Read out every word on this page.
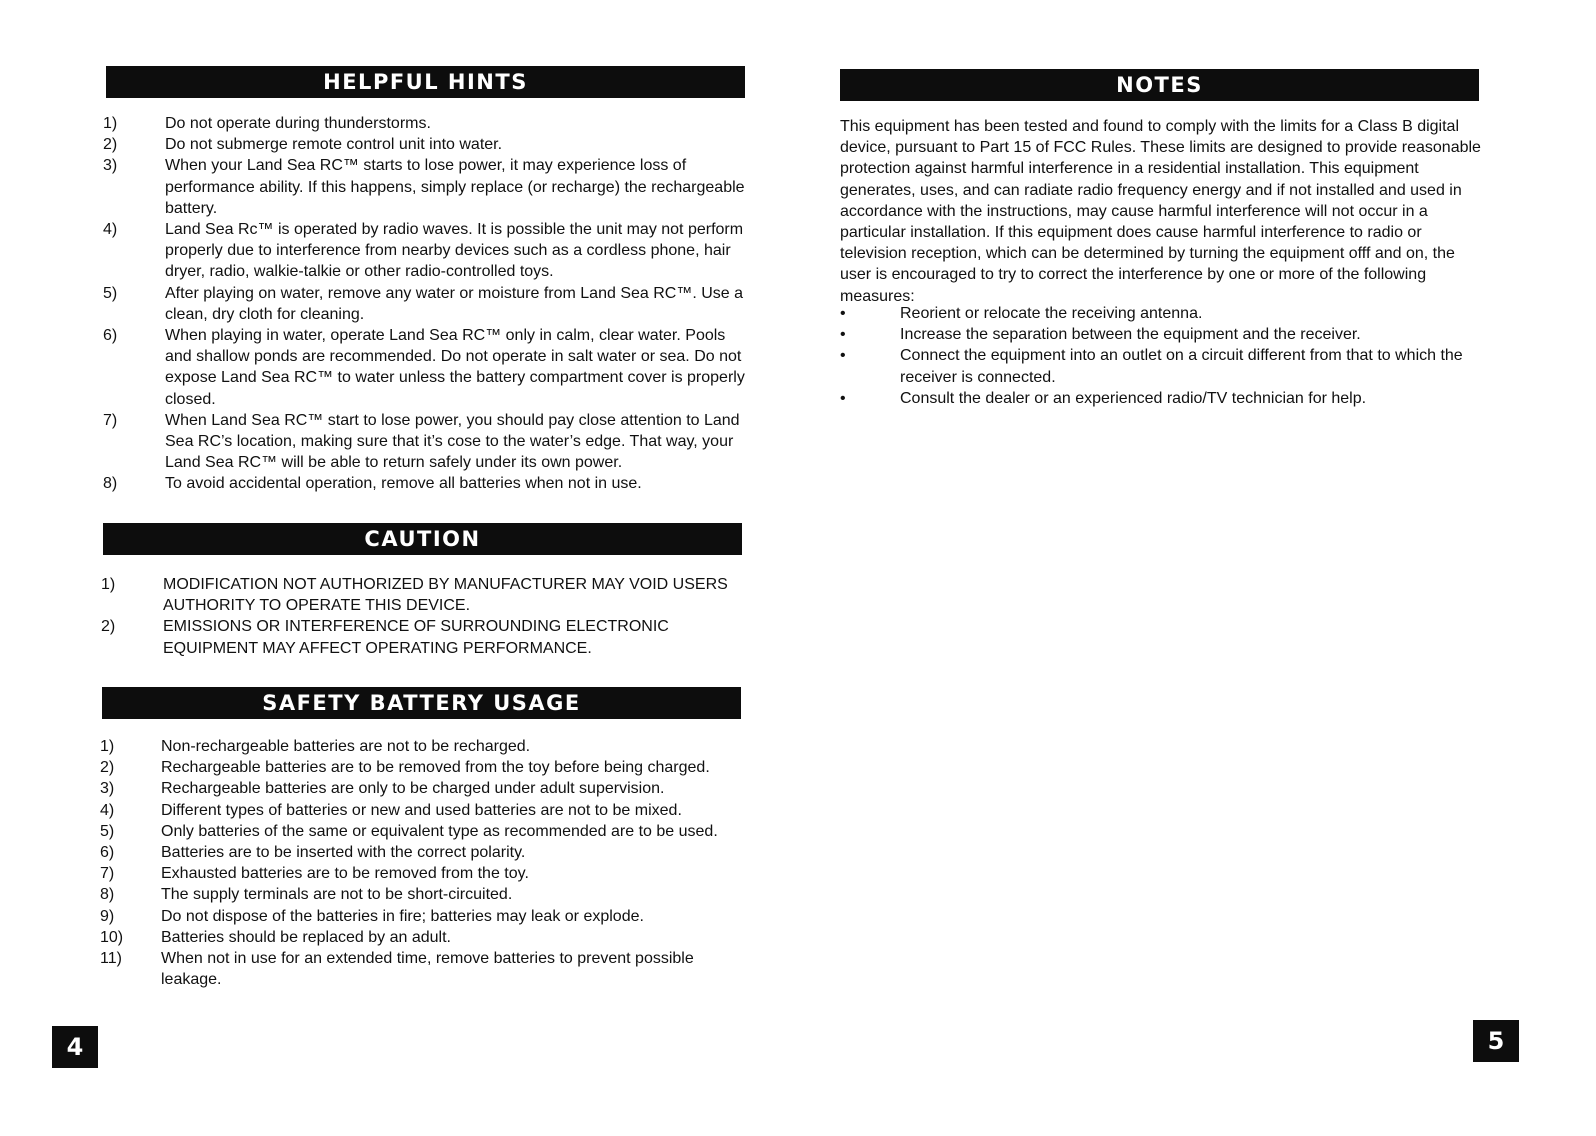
HELPFUL HINTS
1)	Do not operate during thunderstorms.
2)	Do not submerge remote control unit into water.
3)	When your Land Sea RC™ starts to lose power, it may experience loss of performance ability. If this happens, simply replace (or recharge) the rechargeable battery.
4)	Land Sea Rc™ is operated by radio waves. It is possible the unit may not perform properly due to interference from nearby devices such as a cordless phone, hair dryer, radio, walkie-talkie or other radio-controlled toys.
5)	After playing on water, remove any water or moisture from Land Sea RC™. Use a clean, dry cloth for cleaning.
6)	When playing in water, operate Land Sea RC™ only in calm, clear water. Pools and shallow ponds are recommended. Do not operate in salt water or sea. Do not expose Land Sea RC™ to water unless the battery compartment cover is properly closed.
7)	When Land Sea RC™ start to lose power, you should pay close attention to Land Sea RC’s location, making sure that it’s cose to the water’s edge. That way, your Land Sea RC™ will be able to return safely under its own power.
8)	To avoid accidental operation, remove all batteries when not in use.
CAUTION
1)	MODIFICATION NOT AUTHORIZED BY MANUFACTURER MAY VOID USERS AUTHORITY TO OPERATE THIS DEVICE.
2)	EMISSIONS OR INTERFERENCE OF SURROUNDING ELECTRONIC EQUIPMENT MAY AFFECT OPERATING PERFORMANCE.
SAFETY BATTERY USAGE
1)	Non-rechargeable batteries are not to be recharged.
2)	Rechargeable batteries are to be removed from the toy before being charged.
3)	Rechargeable batteries are only to be charged under adult supervision.
4)	Different types of batteries or new and used batteries are not to be mixed.
5)	Only batteries of the same or equivalent type as recommended are to be used.
6)	Batteries are to be inserted with the correct polarity.
7)	Exhausted batteries are to be removed from the toy.
8)	The supply terminals are not to be short-circuited.
9)	Do not dispose of the batteries in fire; batteries may leak or explode.
10)	Batteries should be replaced by an adult.
11)	When not in use for an extended time, remove batteries to prevent possible leakage.
4
NOTES

This equipment has been tested and found to comply with the limits for a Class B digital device, pursuant to Part 15 of FCC Rules. These limits are designed to provide reasonable protection against harmful interference in a residential installation. This equipment generates, uses, and can radiate radio frequency energy and if not installed and used in accordance with the instructions, may cause harmful interference will not occur in a particular installation. If this equipment does cause harmful interference to radio or television reception, which can be determined by turning the equipment offf and on, the user is encouraged to try to correct the interference by one or more of the following measures:

•	Reorient or relocate the receiving antenna.
•	Increase the separation between the equipment and the receiver.
•	Connect the equipment into an outlet on a circuit different from that to which the receiver is connected.
•	Consult the dealer or an experienced radio/TV technician for help.
5
